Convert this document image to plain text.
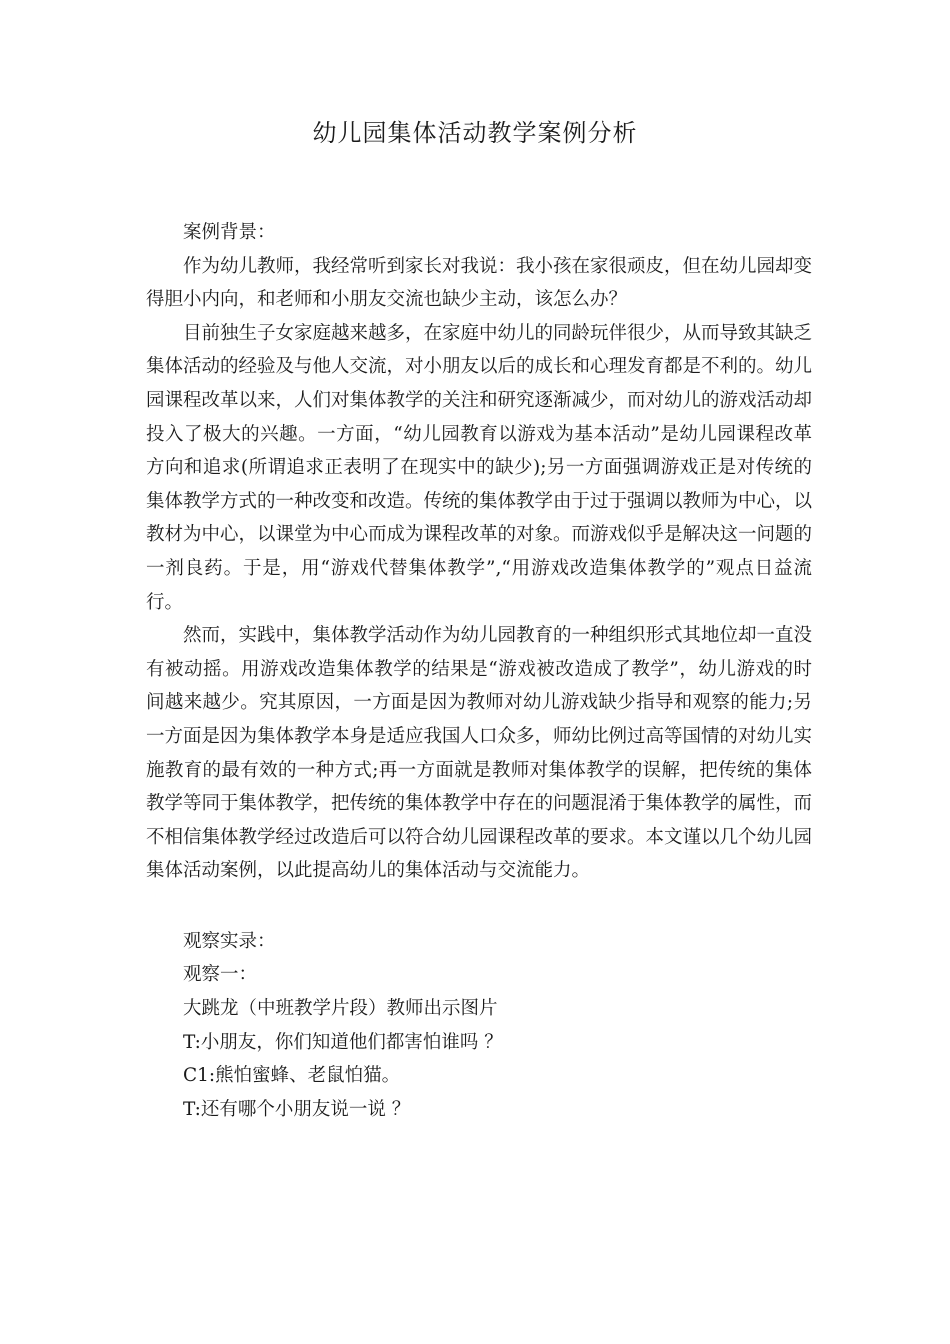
幼儿园集体活动教学案例分析

案例背景：

作为幼儿教师，我经常听到家长对我说：我小孩在家很顽皮，但在幼儿园却变得胆小内向，和老师和小朋友交流也缺少主动，该怎么办？

目前独生子女家庭越来越多，在家庭中幼儿的同龄玩伴很少，从而导致其缺乏集体活动的经验及与他人交流，对小朋友以后的成长和心理发育都是不利的。幼儿园课程改革以来，人们对集体教学的关注和研究逐渐减少，而对幼儿的游戏活动却投入了极大的兴趣。一方面，“幼儿园教育以游戏为基本活动”是幼儿园课程改革方向和追求(所谓追求正表明了在现实中的缺少);另一方面强调游戏正是对传统的集体教学方式的一种改变和改造。传统的集体教学由于过于强调以教师为中心，以教材为中心，以课堂为中心而成为课程改革的对象。而游戏似乎是解决这一问题的一剂良药。于是，用“游戏代替集体教学”,“用游戏改造集体教学的”观点日益流行。

然而，实践中，集体教学活动作为幼儿园教育的一种组织形式其地位却一直没有被动摇。用游戏改造集体教学的结果是“游戏被改造成了教学”，幼儿游戏的时间越来越少。究其原因，一方面是因为教师对幼儿游戏缺少指导和观察的能力;另一方面是因为集体教学本身是适应我国人口众多，师幼比例过高等国情的对幼儿实施教育的最有效的一种方式;再一方面就是教师对集体教学的误解，把传统的集体教学等同于集体教学，把传统的集体教学中存在的问题混淆于集体教学的属性，而不相信集体教学经过改造后可以符合幼儿园课程改革的要求。本文谨以几个幼儿园集体活动案例，以此提高幼儿的集体活动与交流能力。

观察实录：

观察一：

大跳龙（中班教学片段）教师出示图片

T:小朋友，你们知道他们都害怕谁吗 ？

C1:熊怕蜜蜂、老鼠怕猫。

T:还有哪个小朋友说一说 ？
